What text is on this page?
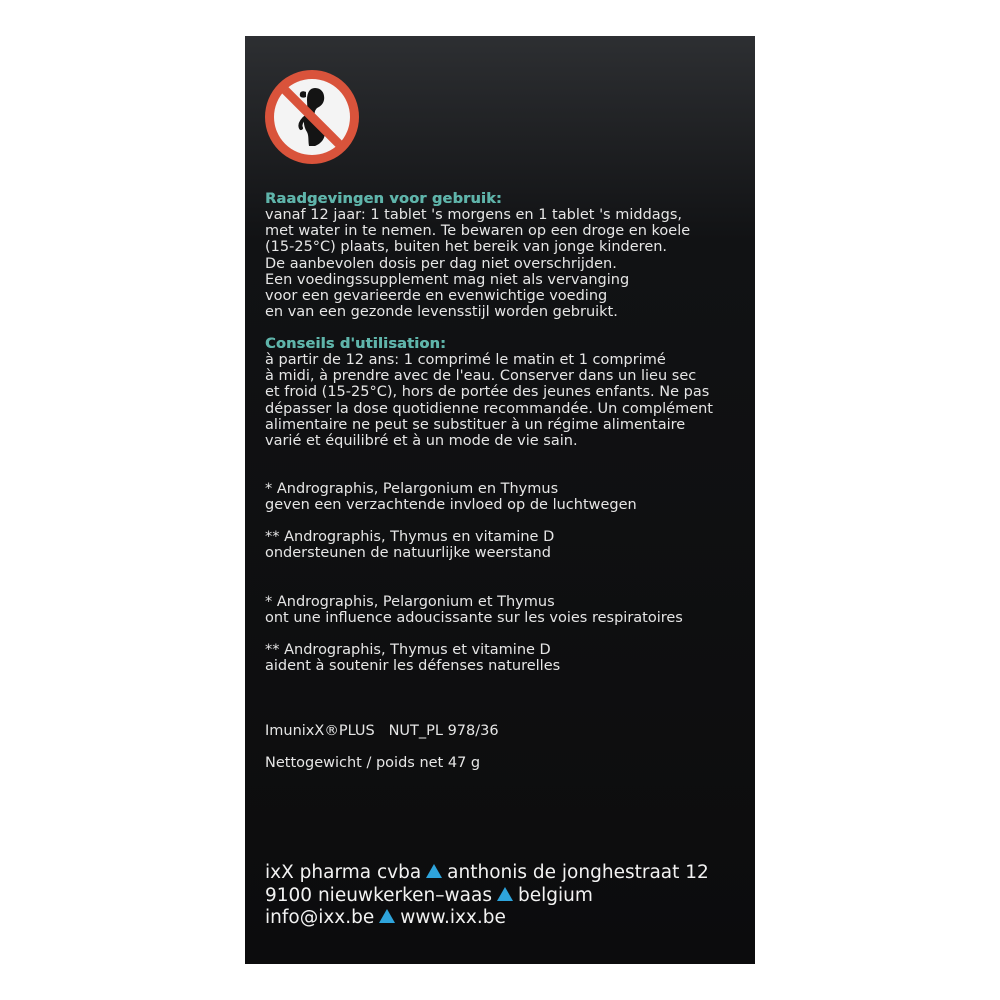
Raadgevingen voor gebruik:
vanaf 12 jaar: 1 tablet 's morgens en 1 tablet 's middags,
met water in te nemen. Te bewaren op een droge en koele
(15-25°C) plaats, buiten het bereik van jonge kinderen.
De aanbevolen dosis per dag niet overschrijden.
Een voedingssupplement mag niet als vervanging
voor een gevarieerde en evenwichtige voeding
en van een gezonde levensstijl worden gebruikt.
Conseils d'utilisation:
à partir de 12 ans: 1 comprimé le matin et 1 comprimé
à midi, à prendre avec de l'eau. Conserver dans un lieu sec
et froid (15-25°C), hors de portée des jeunes enfants. Ne pas
dépasser la dose quotidienne recommandée. Un complément
alimentaire ne peut se substituer à un régime alimentaire
varié et équilibré et à un mode de vie sain.
* Andrographis, Pelargonium en Thymus
geven een verzachtende invloed op de luchtwegen
** Andrographis, Thymus en vitamine D
ondersteunen de natuurlijke weerstand
* Andrographis, Pelargonium et Thymus
ont une influence adoucissante sur les voies respiratoires
** Andrographis, Thymus et vitamine D
aident à soutenir les défenses naturelles

ImunixX®PLUS NUT_PL 978/36

Nettogewicht / poids net 47 g
ixX pharma cvba anthonis de jonghestraat 12
9100 nieuwkerken–waas belgium
info@ixx.be www.ixx.be
